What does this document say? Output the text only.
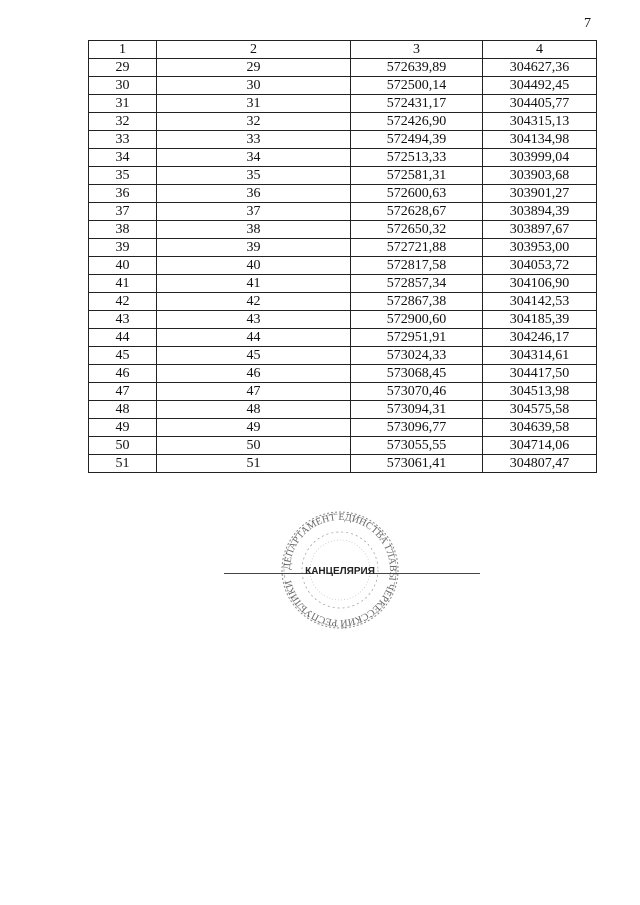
7
1	2	3	4
29	29	572639,89	304627,36
30	30	572500,14	304492,45
31	31	572431,17	304405,77
32	32	572426,90	304315,13
33	33	572494,39	304134,98
34	34	572513,33	303999,04
35	35	572581,31	303903,68
36	36	572600,63	303901,27
37	37	572628,67	303894,39
38	38	572650,32	303897,67
39	39	572721,88	303953,00
40	40	572817,58	304053,72
41	41	572857,34	304106,90
42	42	572867,38	304142,53
43	43	572900,60	304185,39
44	44	572951,91	304246,17
45	45	573024,33	304314,61
46	46	573068,45	304417,50
47	47	573070,46	304513,98
48	48	573094,31	304575,58
49	49	573096,77	304639,58
50	50	573055,55	304714,06
51	51	573061,41	304807,47
ДЕПАРТАМЕНТ ЕДИНСТВА ГЛАВЫ ЧЕРКЕССКИЙ РЕСПУБЛИКИ
КАНЦЕЛЯРИЯ
